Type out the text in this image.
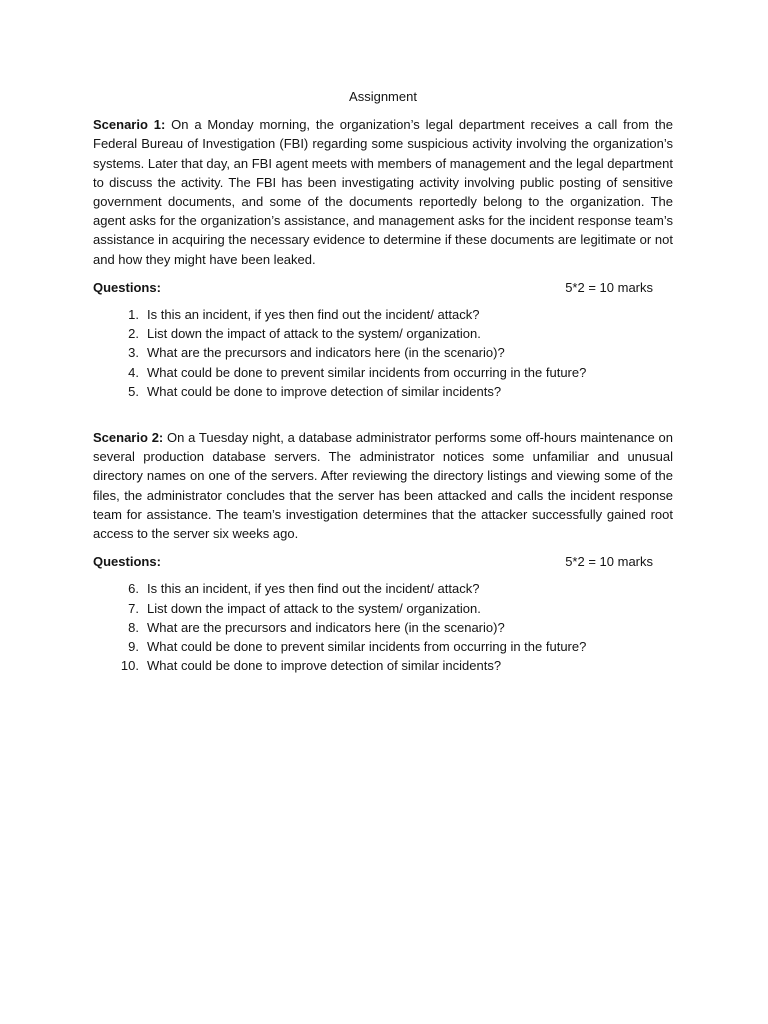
Assignment

Scenario 1: On a Monday morning, the organization’s legal department receives a call from the Federal Bureau of Investigation (FBI) regarding some suspicious activity involving the organization’s systems. Later that day, an FBI agent meets with members of management and the legal department to discuss the activity. The FBI has been investigating activity involving public posting of sensitive government documents, and some of the documents reportedly belong to the organization. The agent asks for the organization’s assistance, and management asks for the incident response team’s assistance in acquiring the necessary evidence to determine if these documents are legitimate or not and how they might have been leaked.

Questions:	5*2 = 10 marks
1. Is this an incident, if yes then find out the incident/ attack?
2. List down the impact of attack to the system/ organization.
3. What are the precursors and indicators here (in the scenario)?
4. What could be done to prevent similar incidents from occurring in the future?
5. What could be done to improve detection of similar incidents?

Scenario 2: On a Tuesday night, a database administrator performs some off-hours maintenance on several production database servers. The administrator notices some unfamiliar and unusual directory names on one of the servers. After reviewing the directory listings and viewing some of the files, the administrator concludes that the server has been attacked and calls the incident response team for assistance. The team’s investigation determines that the attacker successfully gained root access to the server six weeks ago.

Questions:	5*2 = 10 marks
6. Is this an incident, if yes then find out the incident/ attack?
7. List down the impact of attack to the system/ organization.
8. What are the precursors and indicators here (in the scenario)?
9. What could be done to prevent similar incidents from occurring in the future?
10. What could be done to improve detection of similar incidents?
